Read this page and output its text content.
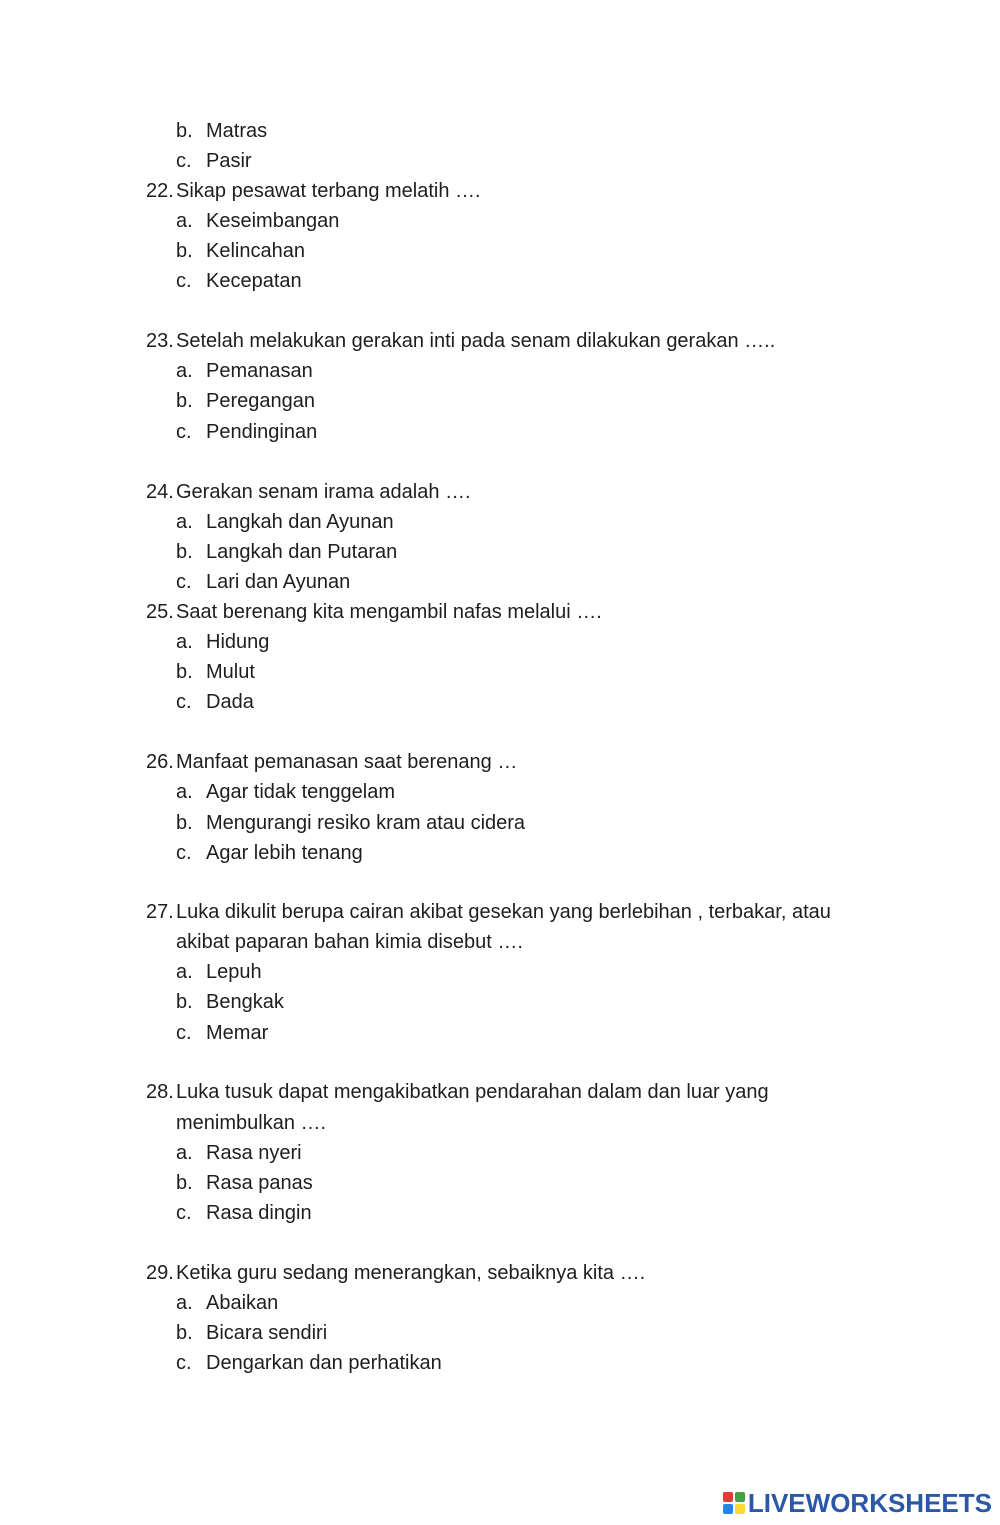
b. Matras
c. Pasir
22. Sikap pesawat terbang melatih ….
a. Keseimbangan
b. Kelincahan
c. Kecepatan
23. Setelah melakukan gerakan inti pada senam dilakukan gerakan …..
a. Pemanasan
b. Peregangan
c. Pendinginan
24. Gerakan senam irama adalah ….
a. Langkah dan Ayunan
b. Langkah dan Putaran
c. Lari dan Ayunan
25. Saat berenang kita mengambil nafas melalui ….
a. Hidung
b. Mulut
c. Dada
26. Manfaat pemanasan saat berenang …
a. Agar tidak tenggelam
b. Mengurangi resiko kram atau cidera
c. Agar lebih tenang
27. Luka dikulit berupa cairan akibat gesekan yang berlebihan , terbakar, atau
akibat paparan bahan kimia disebut ….
a. Lepuh
b. Bengkak
c. Memar
28. Luka tusuk dapat mengakibatkan pendarahan dalam dan luar yang
menimbulkan ….
a. Rasa nyeri
b. Rasa panas
c. Rasa dingin
29. Ketika guru sedang menerangkan, sebaiknya kita ….
a. Abaikan
b. Bicara sendiri
c. Dengarkan dan perhatikan
LIVEWORKSHEETS
